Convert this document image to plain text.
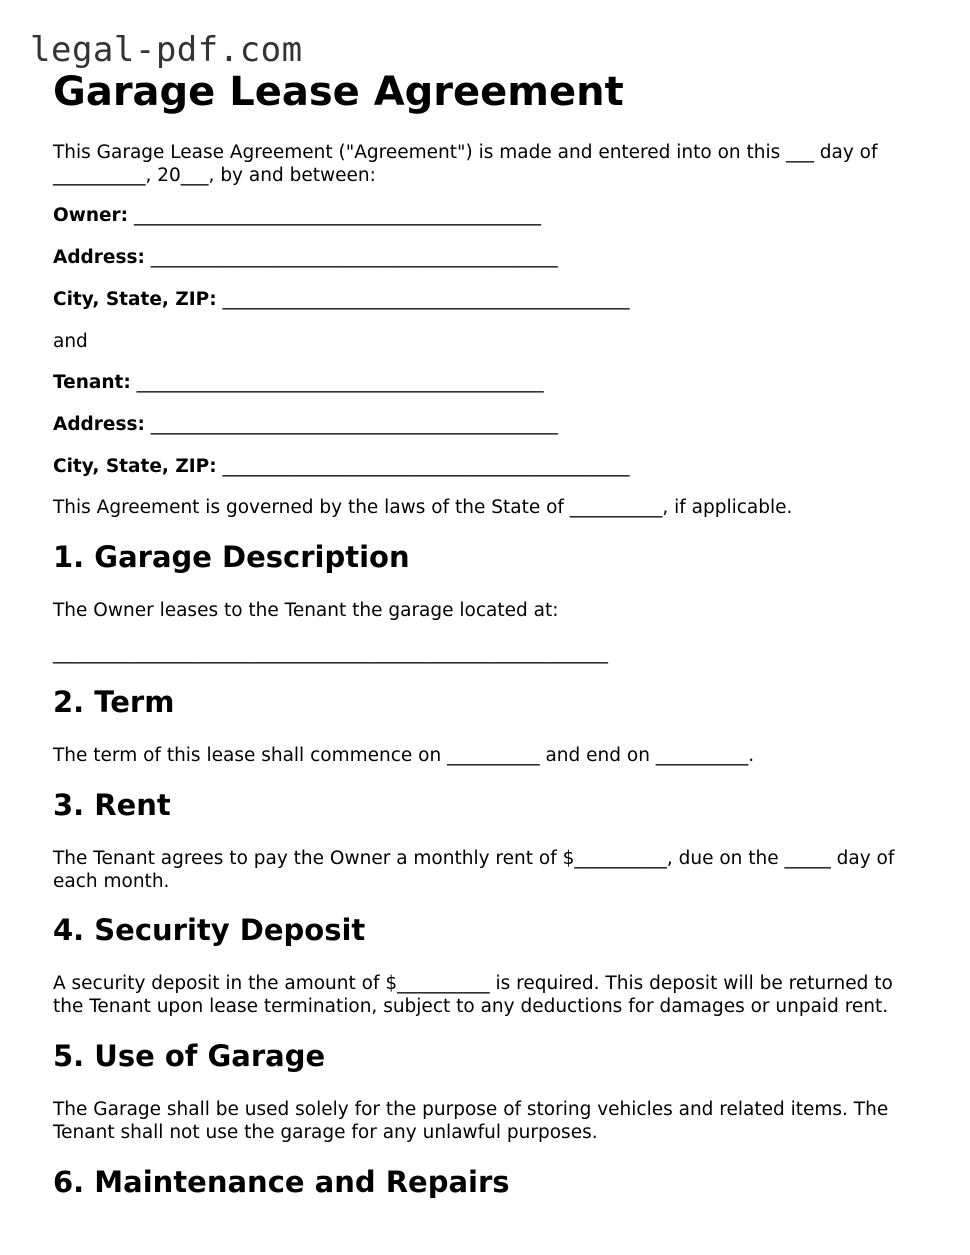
legal-pdf.com
Garage Lease Agreement

This Garage Lease Agreement ("Agreement") is made and entered into on this ___ day of __________, 20___, by and between:

Owner: ____________________________________________
Address: ____________________________________________
City, State, ZIP: ____________________________________________
and
Tenant: ____________________________________________
Address: ____________________________________________
City, State, ZIP: ____________________________________________

This Agreement is governed by the laws of the State of __________, if applicable.

1. Garage Description

The Owner leases to the Tenant the garage located at:

____________________________________________________________
2. Term

The term of this lease shall commence on __________ and end on __________.

3. Rent

The Tenant agrees to pay the Owner a monthly rent of $__________, due on the _____ day of each month.

4. Security Deposit

A security deposit in the amount of $__________ is required. This deposit will be returned to the Tenant upon lease termination, subject to any deductions for damages or unpaid rent.

5. Use of Garage

The Garage shall be used solely for the purpose of storing vehicles and related items. The Tenant shall not use the garage for any unlawful purposes.

6. Maintenance and Repairs
